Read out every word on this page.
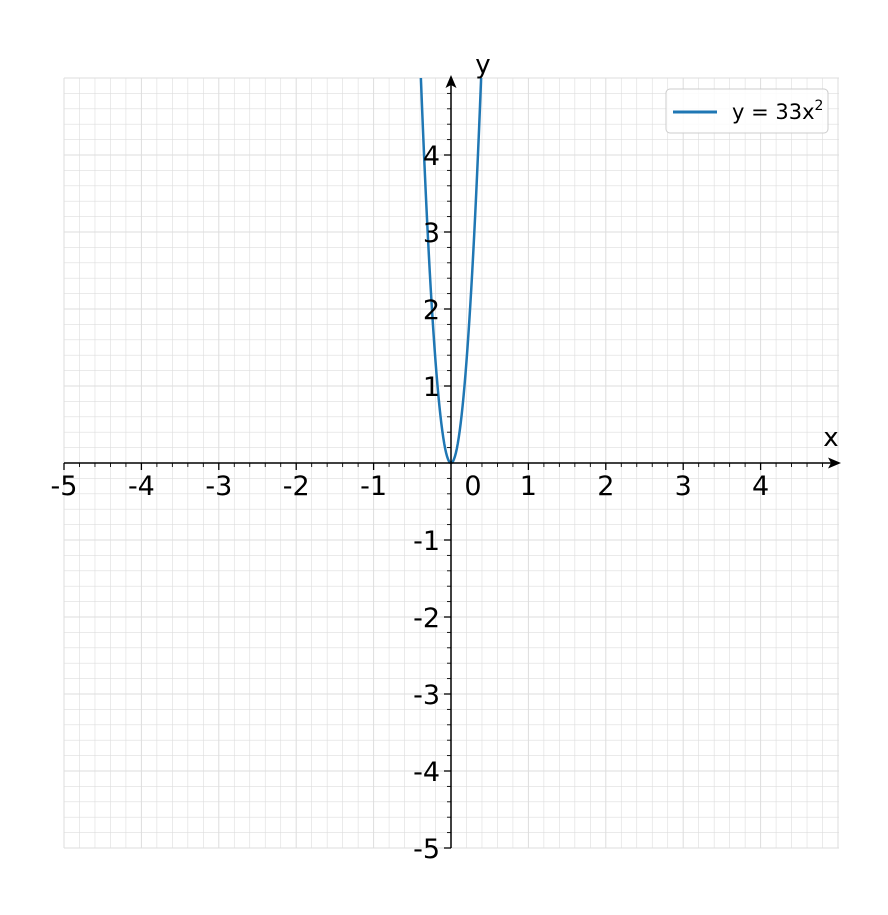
-5 -4 -3 -2 -1	0 1 2 3 4
-5
-4
-3
-2
-1
1
2
3
4
x
y
$y = 33x^2$
